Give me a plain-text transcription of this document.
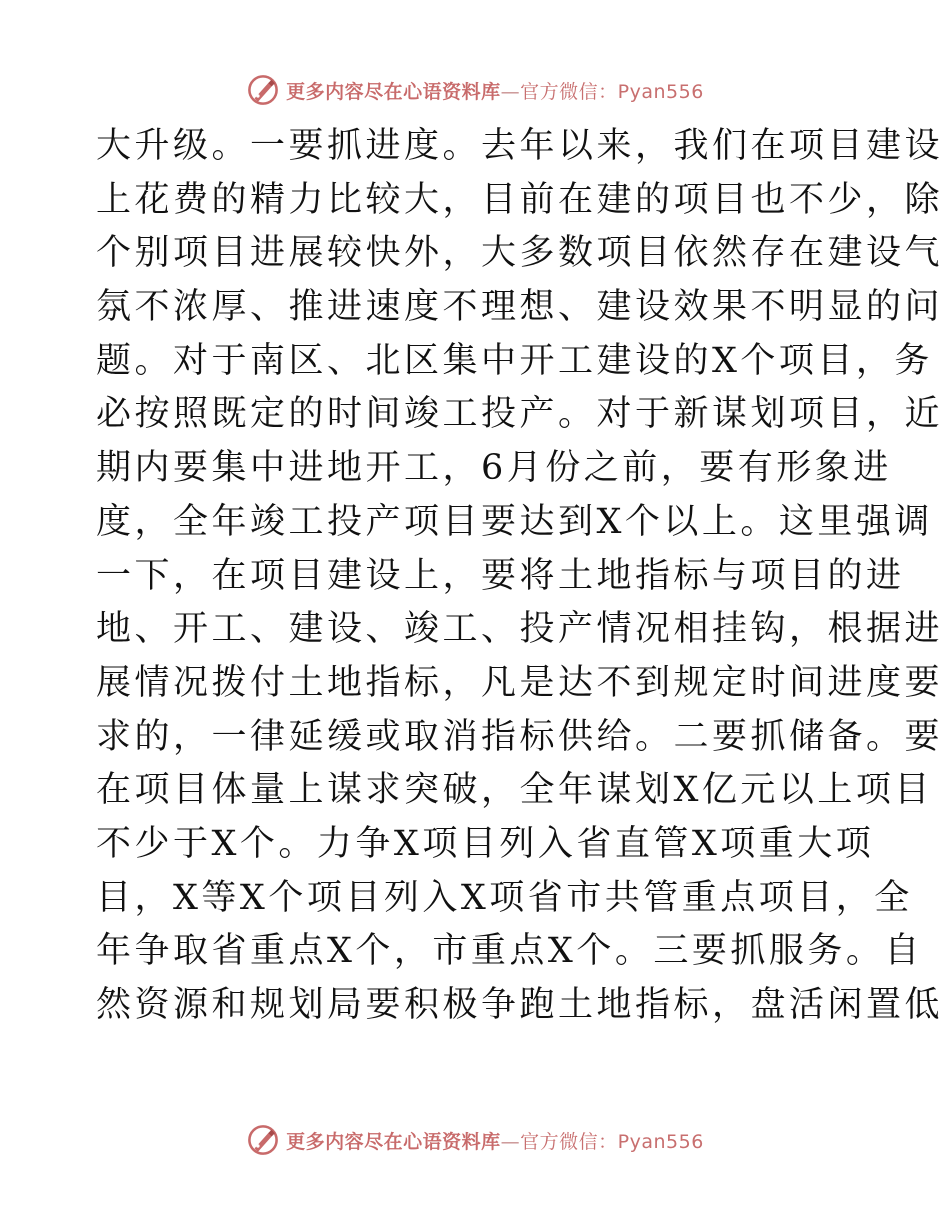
更多内容尽在心语资料库—官方微信：Pyan556
大升级。一要抓进度。去年以来，我们在项目建设
上花费的精力比较大，目前在建的项目也不少，除
个别项目进展较快外，大多数项目依然存在建设气
氛不浓厚、推进速度不理想、建设效果不明显的问
题。对于南区、北区集中开工建设的X个项目，务
必按照既定的时间竣工投产。对于新谋划项目，近
期内要集中进地开工，6月份之前，要有形象进
度，全年竣工投产项目要达到X个以上。这里强调
一下，在项目建设上，要将土地指标与项目的进
地、开工、建设、竣工、投产情况相挂钩，根据进
展情况拨付土地指标，凡是达不到规定时间进度要
求的，一律延缓或取消指标供给。二要抓储备。要
在项目体量上谋求突破，全年谋划X亿元以上项目
不少于X个。力争X项目列入省直管X项重大项
目，X等X个项目列入X项省市共管重点项目，全
年争取省重点X个，市重点X个。三要抓服务。自
然资源和规划局要积极争跑土地指标，盘活闲置低
更多内容尽在心语资料库—官方微信：Pyan556
